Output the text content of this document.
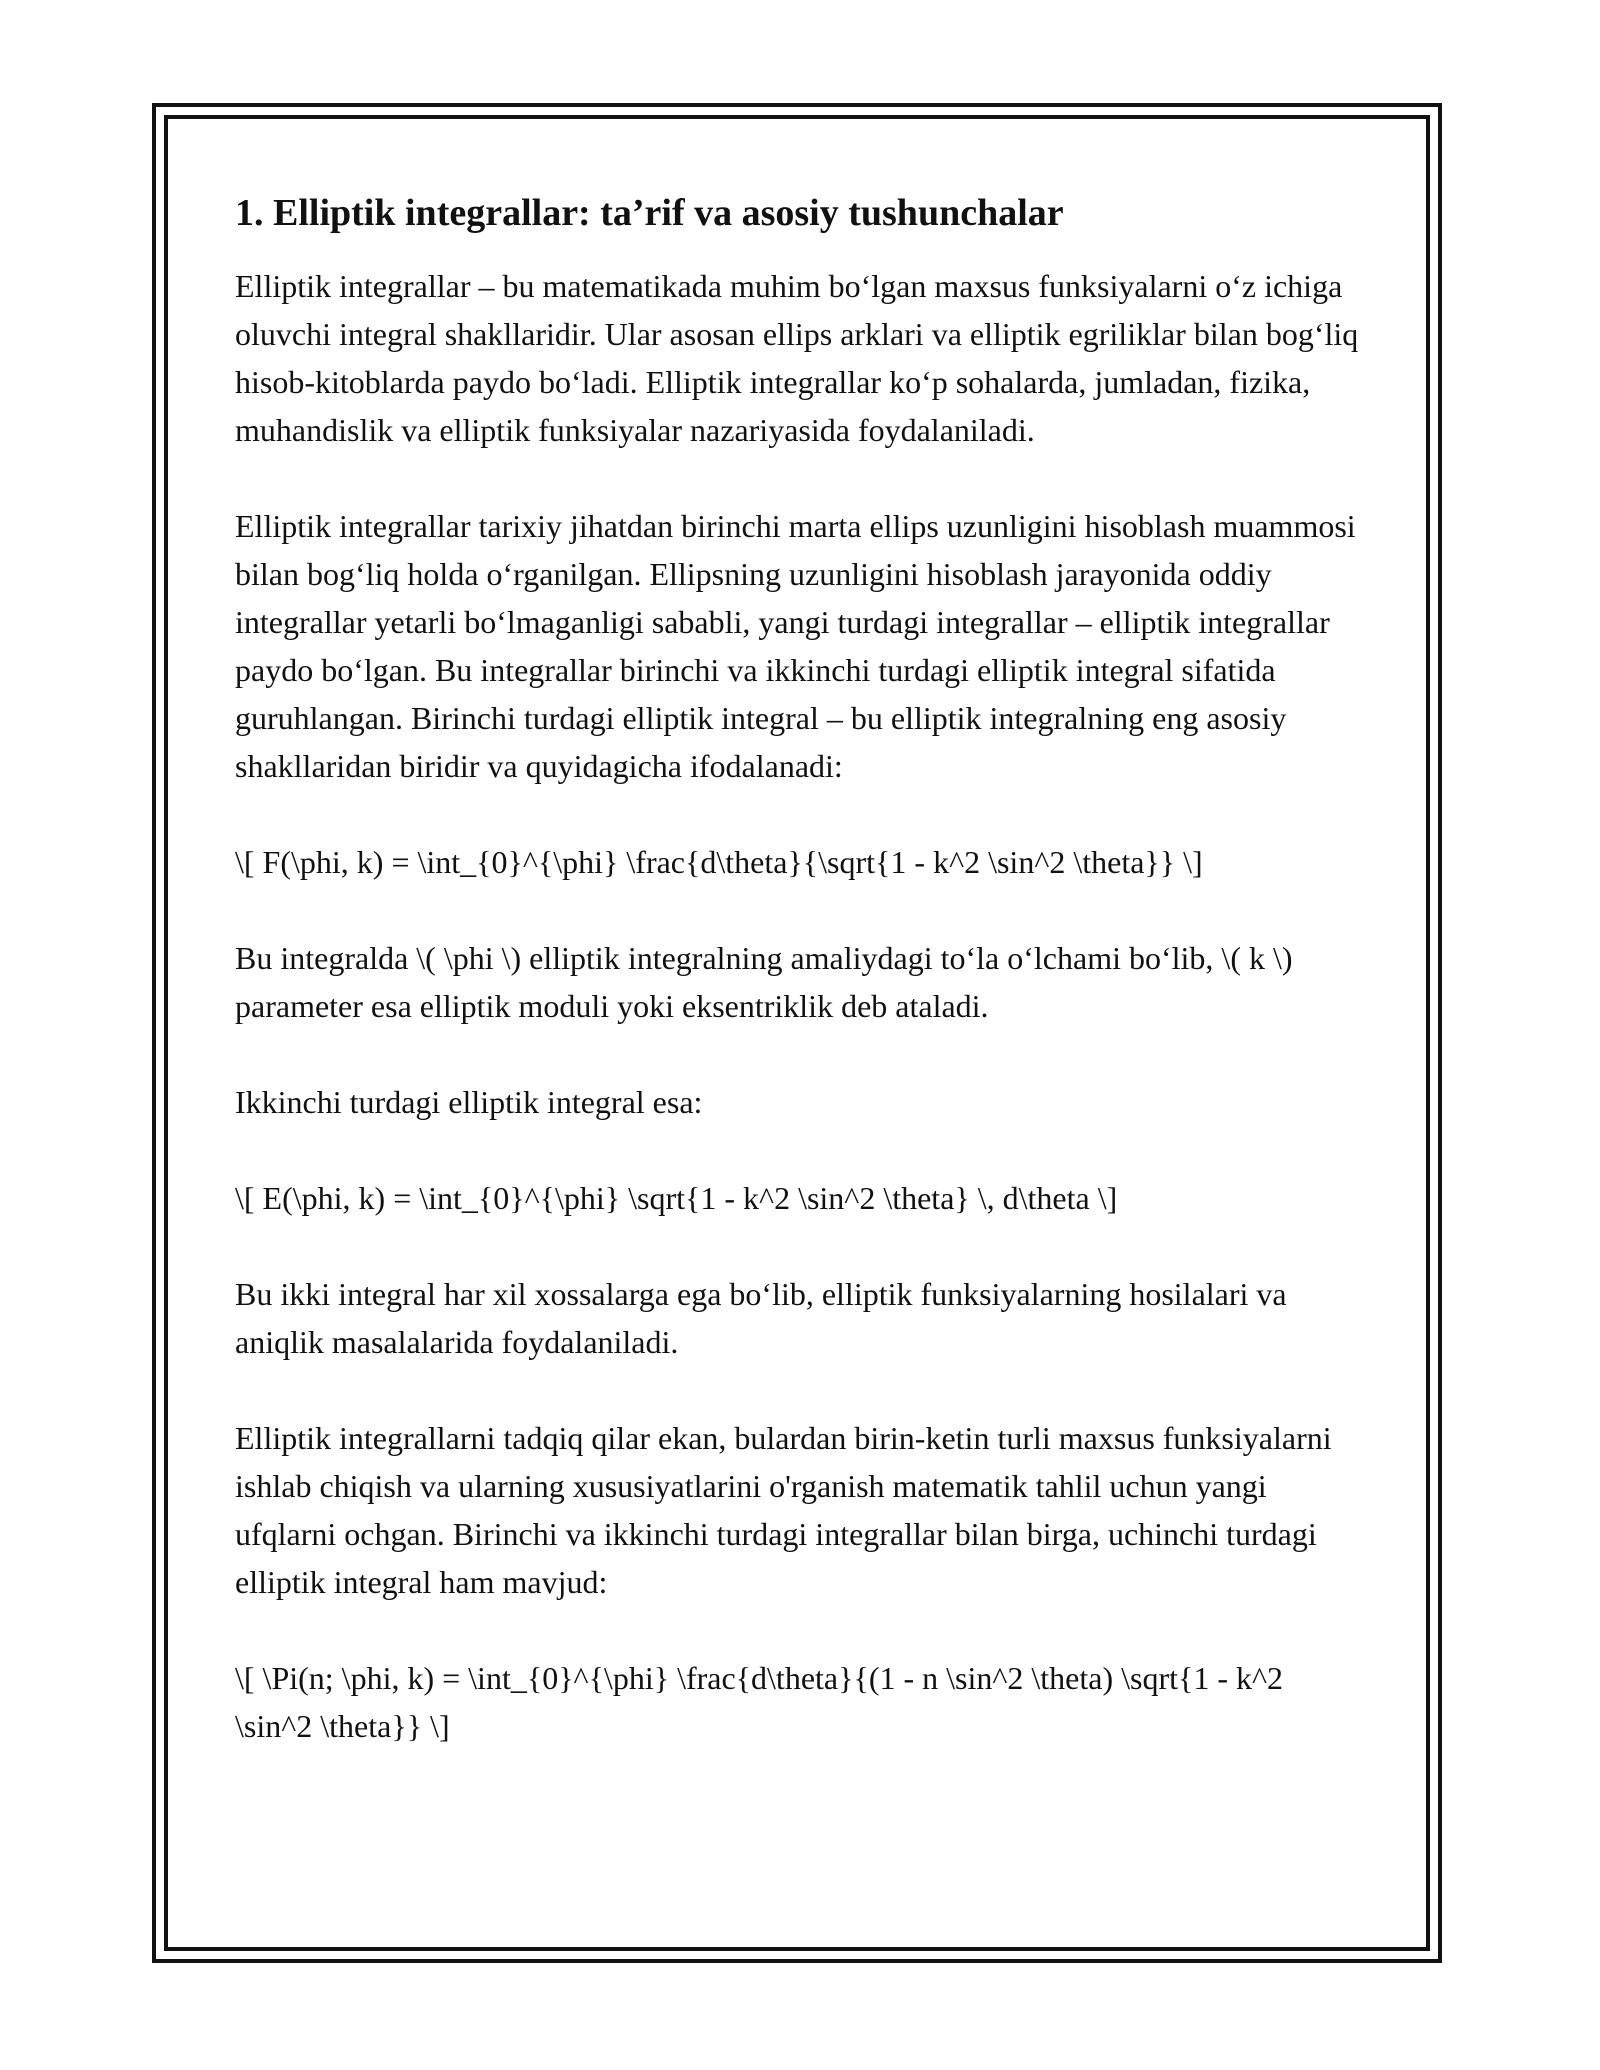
1. Elliptik integrallar: ta’rif va asosiy tushunchalar

Elliptik integrallar – bu matematikada muhim bo‘lgan maxsus funksiyalarni o‘z ichiga oluvchi integral shakllaridir. Ular asosan ellips arklari va elliptik egriliklar bilan bog‘liq hisob-kitoblarda paydo bo‘ladi. Elliptik integrallar ko‘p sohalarda, jumladan, fizika, muhandislik va elliptik funksiyalar nazariyasida foydalaniladi.

Elliptik integrallar tarixiy jihatdan birinchi marta ellips uzunligini hisoblash muammosi bilan bog‘liq holda o‘rganilgan. Ellipsning uzunligini hisoblash jarayonida oddiy integrallar yetarli bo‘lmaganligi sababli, yangi turdagi integrallar – elliptik integrallar paydo bo‘lgan. Bu integrallar birinchi va ikkinchi turdagi elliptik integral sifatida guruhlangan. Birinchi turdagi elliptik integral – bu elliptik integralning eng asosiy shakllaridan biridir va quyidagicha ifodalanadi:

\[ F(\phi, k) = \int_{0}^{\phi} \frac{d\theta}{\sqrt{1 - k^2 \sin^2 \theta}} \]

Bu integralda \( \phi \) elliptik integralning amaliydagi to‘la o‘lchami bo‘lib, \( k \) parameter esa elliptik moduli yoki eksentriklik deb ataladi.

Ikkinchi turdagi elliptik integral esa:

\[ E(\phi, k) = \int_{0}^{\phi} \sqrt{1 - k^2 \sin^2 \theta} \, d\theta \]

Bu ikki integral har xil xossalarga ega bo‘lib, elliptik funksiyalarning hosilalari va aniqlik masalalarida foydalaniladi.

Elliptik integrallarni tadqiq qilar ekan, bulardan birin-ketin turli maxsus funksiyalarni ishlab chiqish va ularning xususiyatlarini o'rganish matematik tahlil uchun yangi ufqlarni ochgan. Birinchi va ikkinchi turdagi integrallar bilan birga, uchinchi turdagi elliptik integral ham mavjud:

\[ \Pi(n; \phi, k) = \int_{0}^{\phi} \frac{d\theta}{(1 - n \sin^2 \theta) \sqrt{1 - k^2 \sin^2 \theta}} \]
